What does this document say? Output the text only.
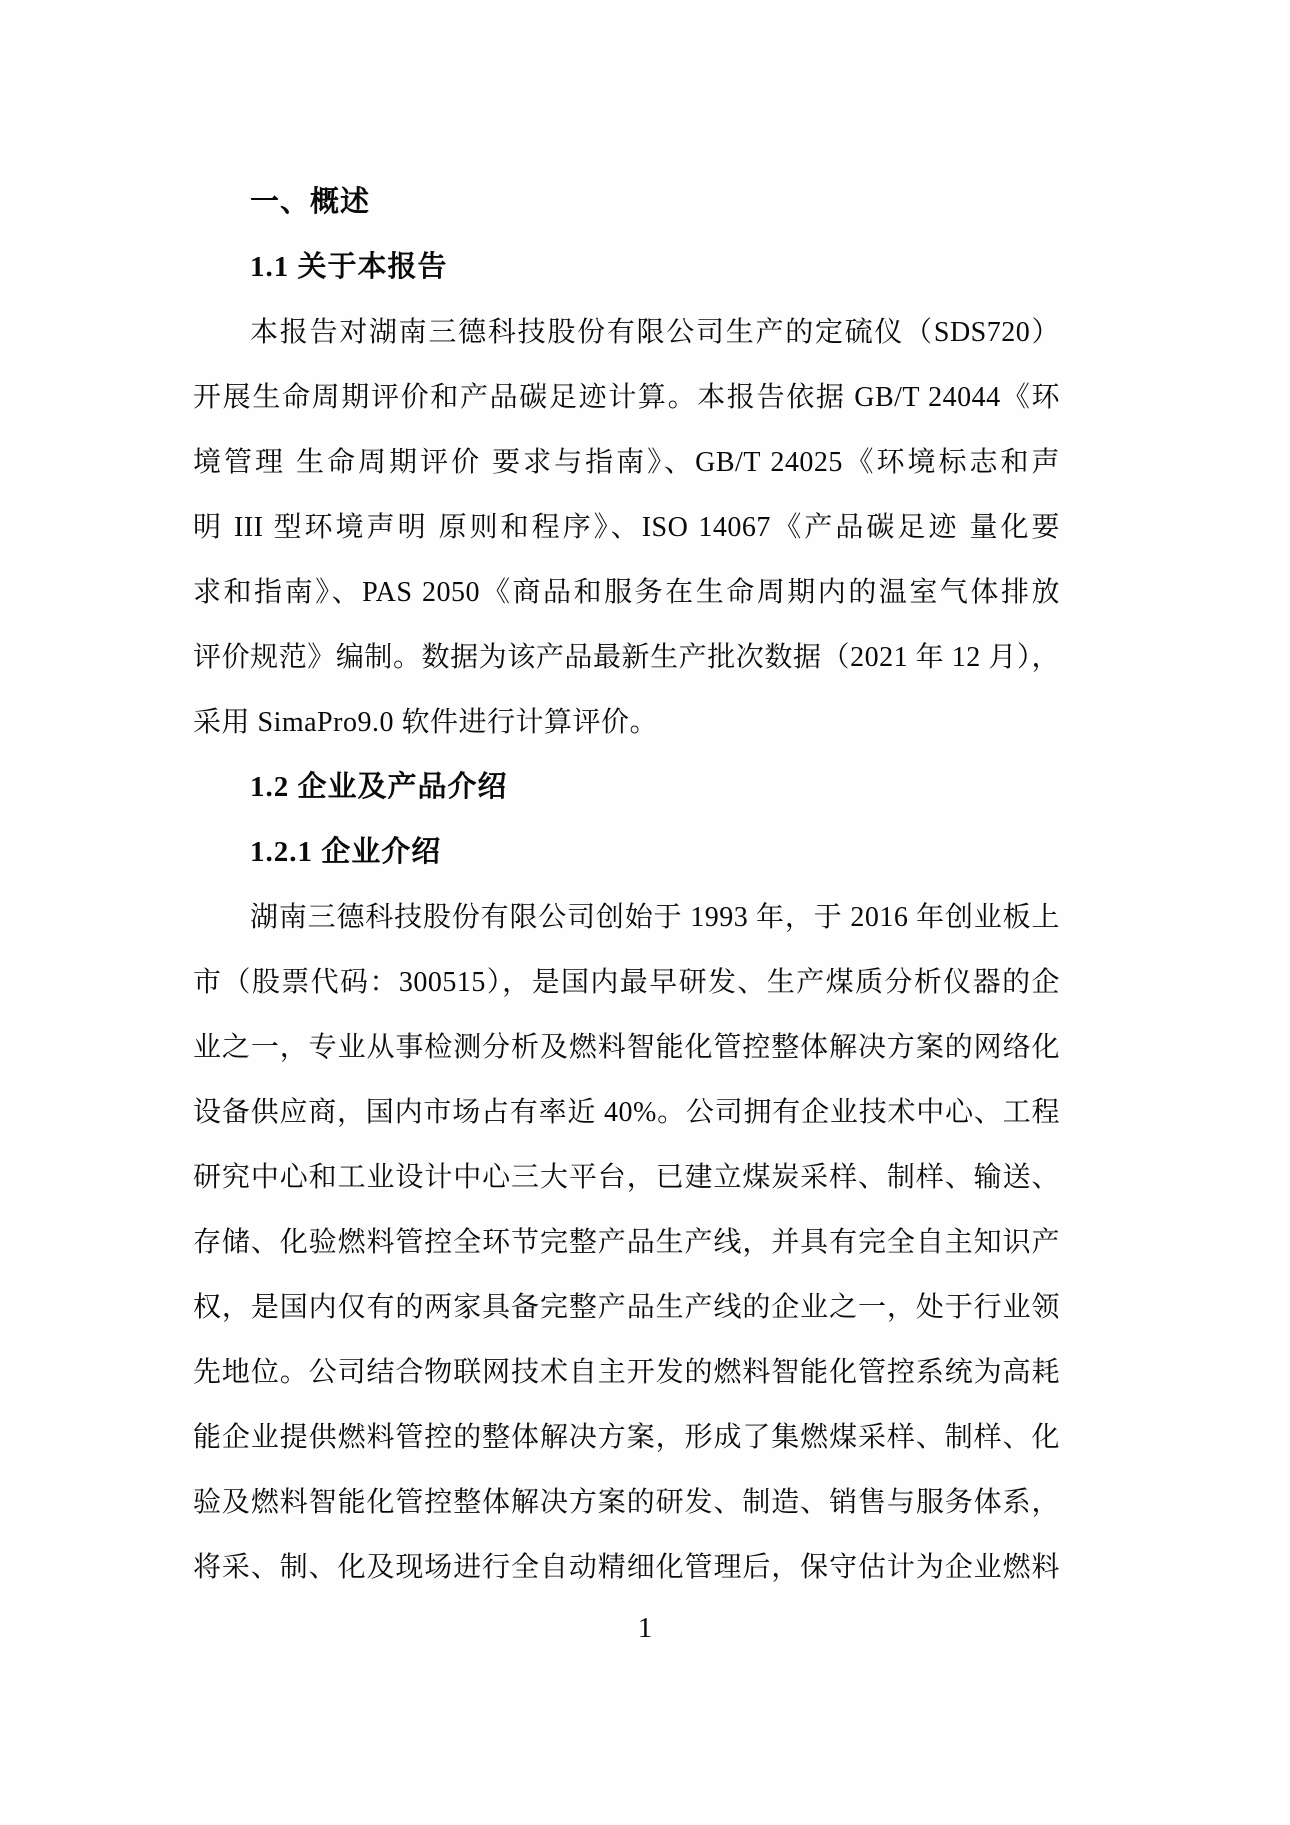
一、概述
1.1 关于本报告
本报告对湖南三德科技股份有限公司生产的定硫仪（SDS720）
开展生命周期评价和产品碳足迹计算。本报告依据 GB/T 24044《环
境管理 生命周期评价 要求与指南》、GB/T 24025《环境标志和声
明 III 型环境声明 原则和程序》、ISO 14067《产品碳足迹 量化要
求和指南》、PAS 2050《商品和服务在生命周期内的温室气体排放
评价规范》编制。数据为该产品最新生产批次数据（2021 年 12 月），
采用 SimaPro9.0 软件进行计算评价。
1.2 企业及产品介绍
1.2.1 企业介绍
湖南三德科技股份有限公司创始于 1993 年，于 2016 年创业板上
市（股票代码：300515），是国内最早研发、生产煤质分析仪器的企
业之一，专业从事检测分析及燃料智能化管控整体解决方案的网络化
设备供应商，国内市场占有率近 40%。公司拥有企业技术中心、工程
研究中心和工业设计中心三大平台，已建立煤炭采样、制样、输送、
存储、化验燃料管控全环节完整产品生产线，并具有完全自主知识产
权，是国内仅有的两家具备完整产品生产线的企业之一，处于行业领
先地位。公司结合物联网技术自主开发的燃料智能化管控系统为高耗
能企业提供燃料管控的整体解决方案，形成了集燃煤采样、制样、化
验及燃料智能化管控整体解决方案的研发、制造、销售与服务体系，
将采、制、化及现场进行全自动精细化管理后，保守估计为企业燃料
1
